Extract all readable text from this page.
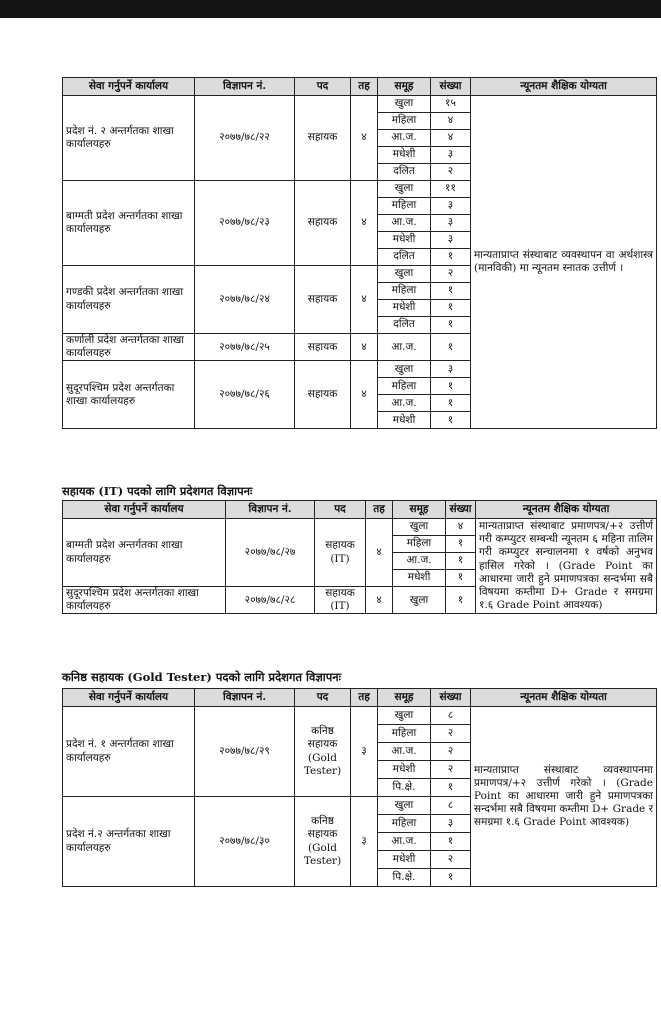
सेवा गर्नुपर्ने कार्यालय	विज्ञापन नं.	पद	तह	समूह	संख्या	न्यूनतम शैक्षिक योग्यता
प्रदेश नं. २ अन्तर्गतका शाखा कार्यालयहरु	२०७७/७८/२२	सहायक	४	खुला	१५	मान्यताप्राप्त संस्थाबाट व्यवस्थापन वा अर्थशास्त्र (मानविकी) मा न्यूनतम स्नातक उत्तीर्ण ।
				महिला	४	
				आ.ज.	४	
				मधेशी	३	
				दलित	२	
बाग्मती प्रदेश अन्तर्गतका शाखा कार्यालयहरु	२०७७/७८/२३	सहायक	४	खुला	११	
				महिला	३	
				आ.ज.	३	
				मधेशी	३	
				दलित	१	
गण्डकी प्रदेश अन्तर्गतका शाखा कार्यालयहरु	२०७७/७८/२४	सहायक	४	खुला	२	
				महिला	१	
				मधेशी	१	
				दलित	१	
कर्णाली प्रदेश अन्तर्गतका शाखा कार्यालयहरु	२०७७/७८/२५	सहायक	४	आ.ज.	१	
सुदूरपश्चिम प्रदेश अन्तर्गतका शाखा कार्यालयहरु	२०७७/७८/२६	सहायक	४	खुला	३	
				महिला	१	
				आ.ज.	१	
				मधेशी	१	
सहायक (IT) पदको लागि प्रदेशगत विज्ञापनः
सेवा गर्नुपर्ने कार्यालय	विज्ञापन नं.	पद	तह	समूह	संख्या	न्यूनतम शैक्षिक योग्यता
बाग्मती प्रदेश अन्तर्गतका शाखा कार्यालयहरु	२०७७/७८/२७	सहायक (IT)	४	खुला	४	मान्यताप्राप्त संस्थाबाट प्रमाणपत्र/+२ उत्तीर्ण गरी कम्प्युटर सम्बन्धी न्यूनतम ६ महिना तालिम गरी कम्प्युटर सन्चालनमा १ वर्षको अनुभव हासिल गरेको । (Grade Point का आधारमा जारी हुने प्रमाणपत्रका सन्दर्भमा सबै विषयमा कम्तीमा D+ Grade र समग्रमा १.६ Grade Point आवश्यक)
				महिला	१	
				आ.ज.	१	
				मधेशी	१	
सुदूरपश्चिम प्रदेश अन्तर्गतका शाखा कार्यालयहरु	२०७७/७८/२८	सहायक (IT)	४	खुला	१	
कनिष्ठ सहायक (Gold Tester) पदको लागि प्रदेशगत विज्ञापनः
सेवा गर्नुपर्ने कार्यालय	विज्ञापन नं.	पद	तह	समूह	संख्या	न्यूनतम शैक्षिक योग्यता
प्रदेश नं. १ अन्तर्गतका शाखा कार्यालयहरु	२०७७/७८/२९	कनिष्ठ सहायक (Gold Tester)	३	खुला	८	मान्यताप्राप्त संस्थाबाट व्यवस्थापनमा प्रमाणपत्र/+२ उत्तीर्ण गरेको । (Grade Point का आधारमा जारी हुने प्रमाणपत्रका सन्दर्भमा सबै विषयमा कम्तीमा D+ Grade र समग्रमा १.६ Grade Point आवश्यक)
				महिला	२	
				आ.ज.	२	
				मधेशी	२	
				पि.क्षे.	१	
प्रदेश नं.२ अन्तर्गतका शाखा कार्यालयहरु	२०७७/७८/३०	कनिष्ठ सहायक (Gold Tester)	३	खुला	८	
				महिला	३	
				आ.ज.	१	
				मधेशी	२	
				पि.क्षे.	१	
